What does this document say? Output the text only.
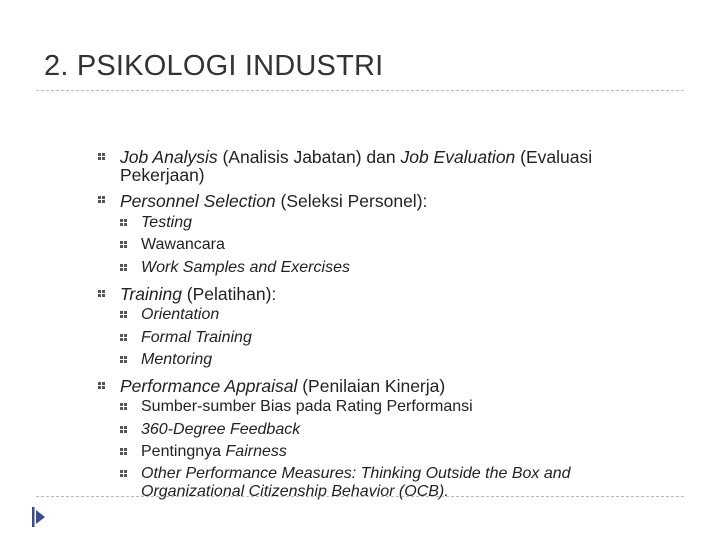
2. PSIKOLOGI INDUSTRI
Job Analysis (Analisis Jabatan) dan Job Evaluation (Evaluasi
Pekerjaan)
Personnel Selection (Seleksi Personel):
Testing
Wawancara
Work Samples and Exercises
Training (Pelatihan):
Orientation
Formal Training
Mentoring
Performance Appraisal (Penilaian Kinerja)
Sumber-sumber Bias pada Rating Performansi
360-Degree Feedback
Pentingnya Fairness
Other Performance Measures: Thinking Outside the Box and
Organizational Citizenship Behavior (OCB).
